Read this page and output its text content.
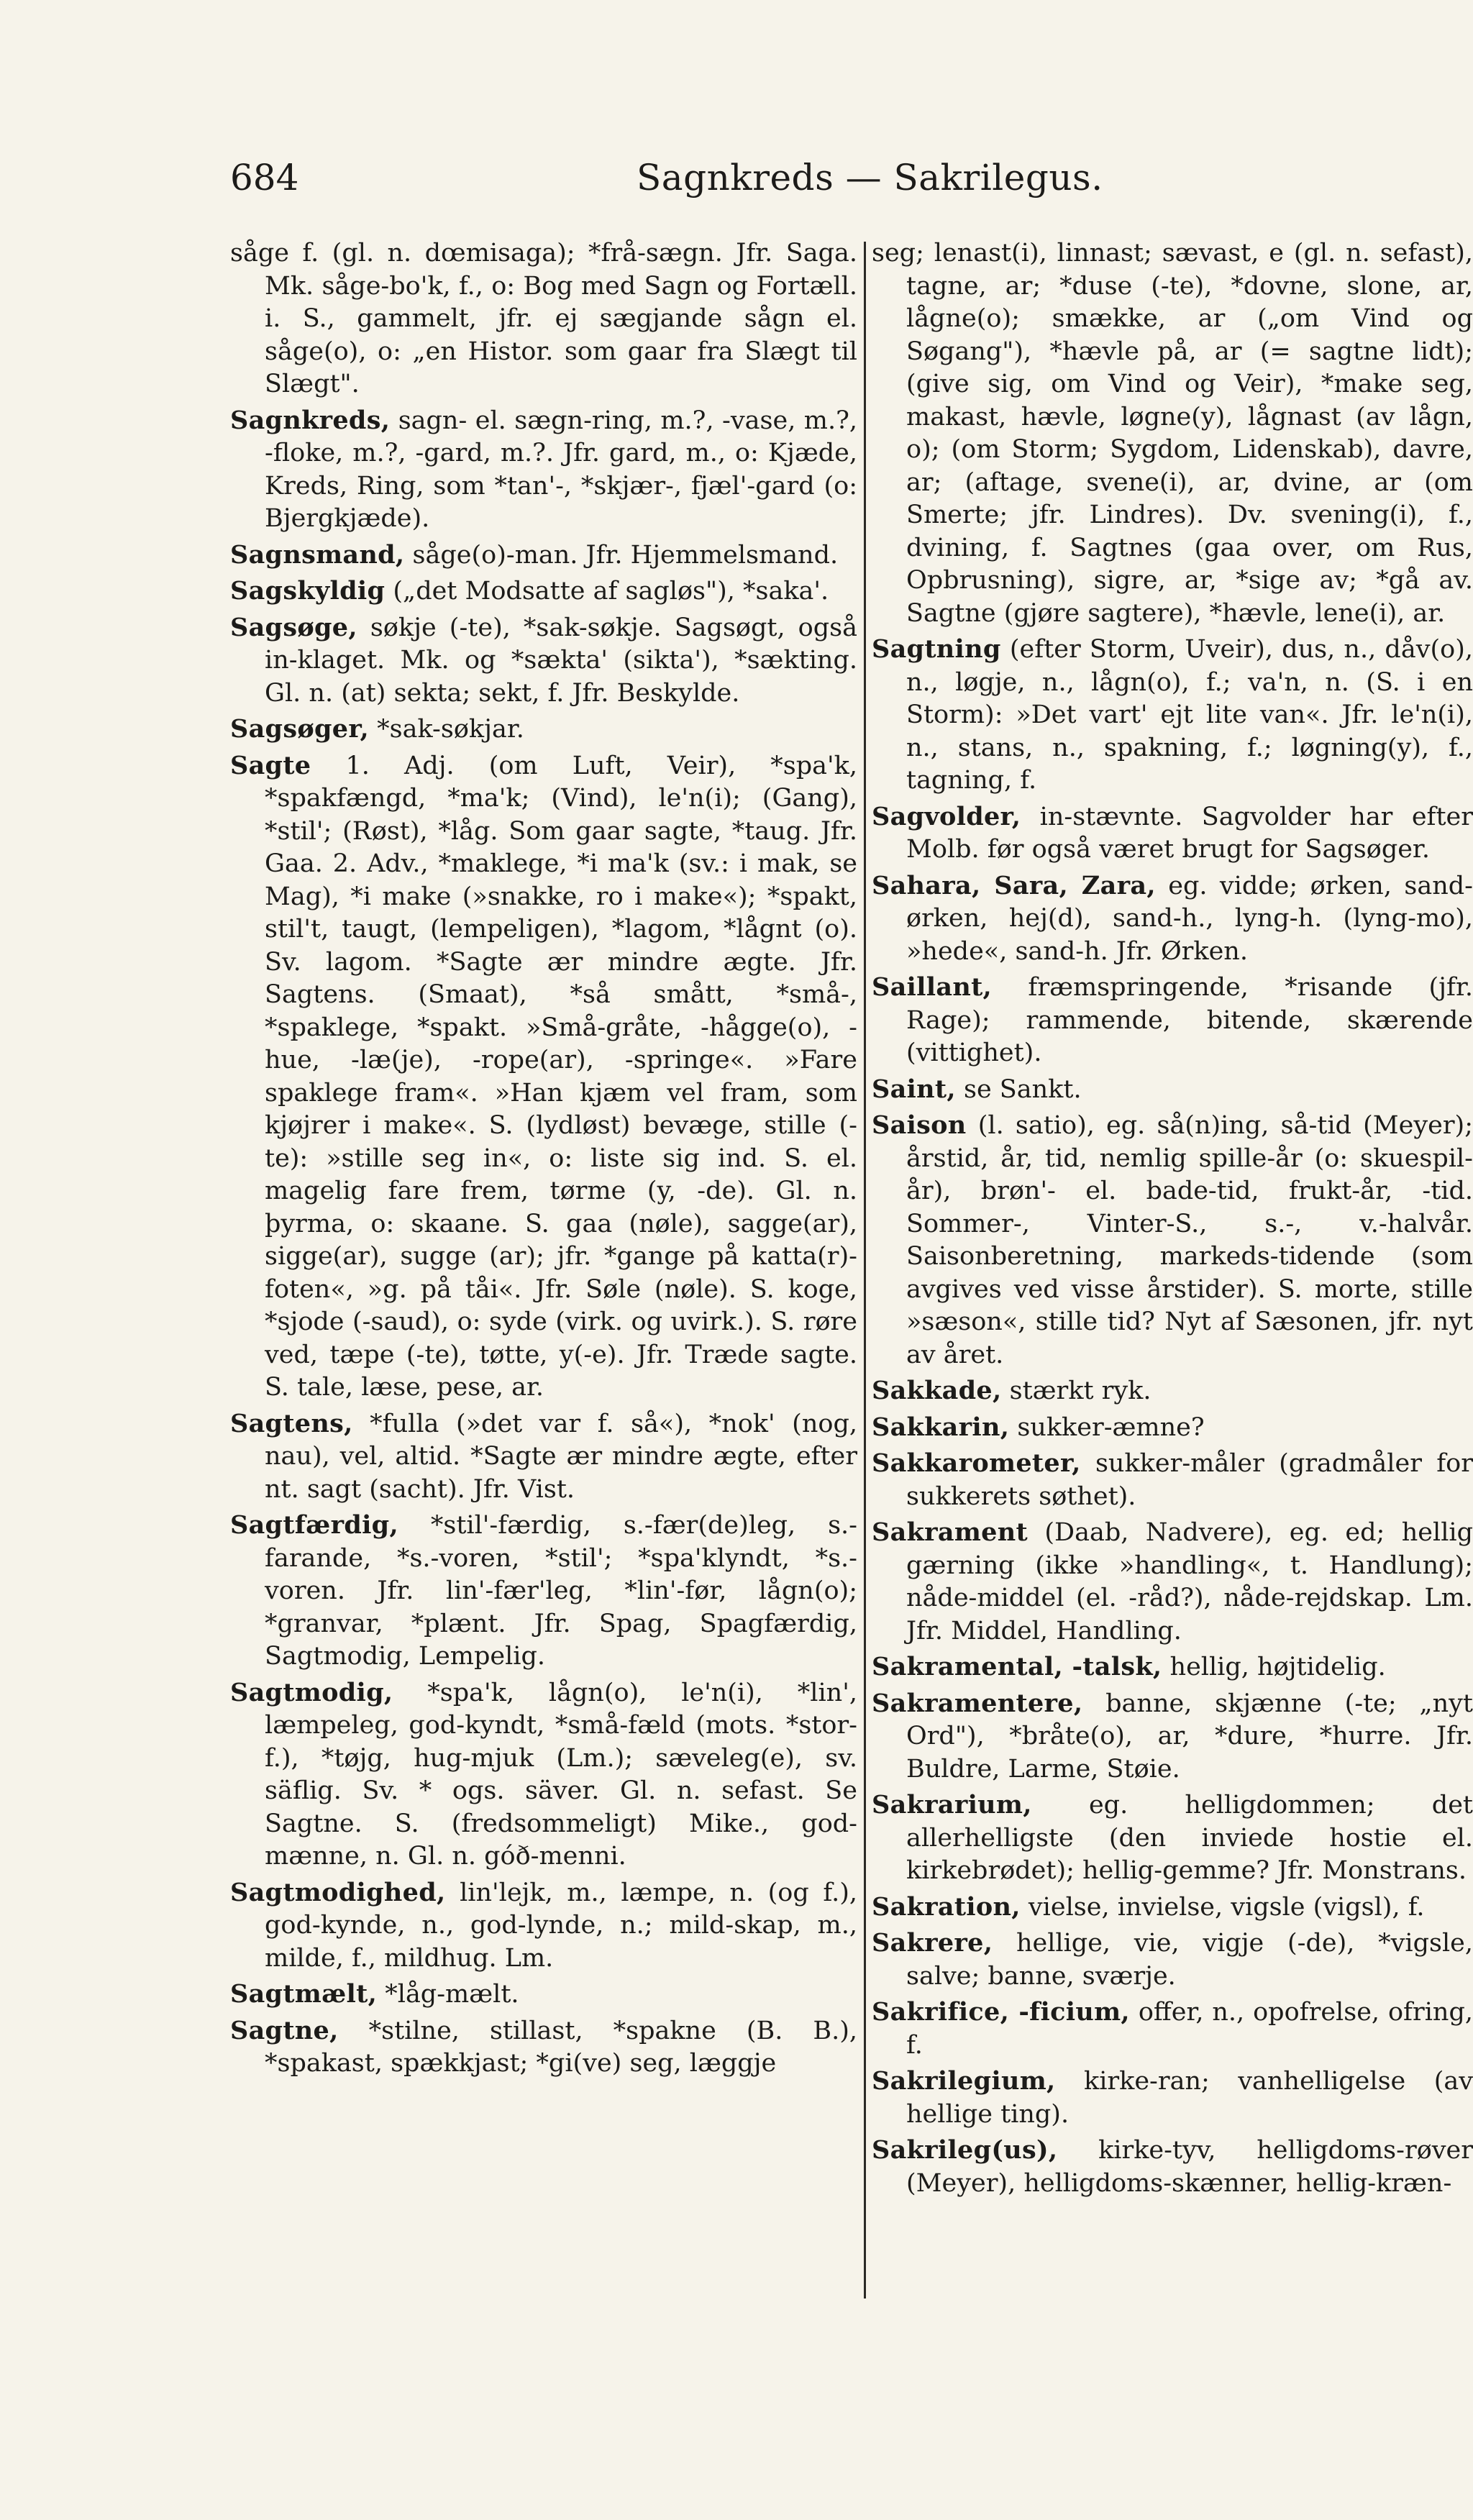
684	Sagnkreds — Sakrilegus.

såge f. (gl. n. dœmisaga); *frå-sægn. Jfr. Saga. Mk. såge-bo'k, f., o: Bog med Sagn og Fortæll. i. S., gammelt, jfr. ej sægjande sågn el. såge(o), o: „en Histor. som gaar fra Slægt til Slægt".

Sagnkreds, sagn- el. sægn-ring, m.?, -vase, m.?, -floke, m.?, -gard, m.?. Jfr. gard, m., o: Kjæde, Kreds, Ring, som *tan'-, *skjær-, fjæl'-gard (o: Bjergkjæde).

Sagnsmand, såge(o)-man. Jfr. Hjemmelsmand.

Sagskyldig („det Modsatte af sagløs"), *saka'.

Sagsøge, søkje (-te), *sak-søkje. Sagsøgt, også in-klaget. Mk. og *sækta' (sikta'), *sækting. Gl. n. (at) sekta; sekt, f. Jfr. Beskylde.

Sagsøger, *sak-søkjar.

Sagte 1. Adj. (om Luft, Veir), *spa'k, *spakfængd, *ma'k; (Vind), le'n(i); (Gang), *stil'; (Røst), *låg. Som gaar sagte, *taug. Jfr. Gaa. 2. Adv., *maklege, *i ma'k (sv.: i mak, se Mag), *i make (»snakke, ro i make«); *spakt, stil't, taugt, (lempeligen), *lagom, *lågnt (o). Sv. lagom. *Sagte ær mindre ægte. Jfr. Sagtens. (Smaat), *så smått, *små-, *spaklege, *spakt. »Små-gråte, -hågge(o), -hue, -læ(je), -rope(ar), -springe«. »Fare spaklege fram«. »Han kjæm vel fram, som kjøjrer i make«. S. (lydløst) bevæge, stille (-te): »stille seg in«, o: liste sig ind. S. el. magelig fare frem, tørme (y, -de). Gl. n. þyrma, o: skaane. S. gaa (nøle), sagge(ar), sigge(ar), sugge (ar); jfr. *gange på katta(r)-foten«, »g. på tåi«. Jfr. Søle (nøle). S. koge, *sjode (-saud), o: syde (virk. og uvirk.). S. røre ved, tæpe (-te), tøtte, y(-e). Jfr. Træde sagte. S. tale, læse, pese, ar.

Sagtens, *fulla (»det var f. så«), *nok' (nog, nau), vel, altid. *Sagte ær mindre ægte, efter nt. sagt (sacht). Jfr. Vist.

Sagtfærdig, *stil'-færdig, s.-fær(de)leg, s.-farande, *s.-voren, *stil'; *spa'klyndt, *s.-voren. Jfr. lin'-fær'leg, *lin'-før, lågn(o); *granvar, *plænt. Jfr. Spag, Spagfærdig, Sagtmodig, Lempelig.

Sagtmodig, *spa'k, lågn(o), le'n(i), *lin', læmpeleg, god-kyndt, *små-fæld (mots. *stor-f.), *tøjg, hug-mjuk (Lm.); sæveleg(e), sv. säflig. Sv. * ogs. säver. Gl. n. sefast. Se Sagtne. S. (fredsommeligt) Mike., god-mænne, n. Gl. n. góð-menni.

Sagtmodighed, lin'lejk, m., læmpe, n. (og f.), god-kynde, n., god-lynde, n.; mild-skap, m., milde, f., mildhug. Lm.

Sagtmælt, *låg-mælt.

Sagtne, *stilne, stillast, *spakne (B. B.), *spakast, spækkjast; *gi(ve) seg, læggje

seg; lenast(i), linnast; sævast, e (gl. n. sefast), tagne, ar; *duse (-te), *dovne, slone, ar, lågne(o); smække, ar („om Vind og Søgang"), *hævle på, ar (= sagtne lidt); (give sig, om Vind og Veir), *make seg, makast, hævle, løgne(y), lågnast (av lågn, o); (om Storm; Sygdom, Lidenskab), davre, ar; (aftage, svene(i), ar, dvine, ar (om Smerte; jfr. Lindres). Dv. svening(i), f., dvining, f. Sagtnes (gaa over, om Rus, Opbrusning), sigre, ar, *sige av; *gå av. Sagtne (gjøre sagtere), *hævle, lene(i), ar.

Sagtning (efter Storm, Uveir), dus, n., dåv(o), n., løgje, n., lågn(o), f.; va'n, n. (S. i en Storm): »Det vart' ejt lite van«. Jfr. le'n(i), n., stans, n., spakning, f.; løgning(y), f., tagning, f.

Sagvolder, in-stævnte. Sagvolder har efter Molb. før også været brugt for Sagsøger.

Sahara, Sara, Zara, eg. vidde; ørken, sand-ørken, hej(d), sand-h., lyng-h. (lyng-mo), »hede«, sand-h. Jfr. Ørken.

Saillant, fræmspringende, *risande (jfr. Rage); rammende, bitende, skærende (vittighet).

Saint, se Sankt.

Saison (l. satio), eg. så(n)ing, så-tid (Meyer); årstid, år, tid, nemlig spille-år (o: skuespil-år), brøn'- el. bade-tid, frukt-år, -tid. Sommer-, Vinter-S., s.-, v.-halvår. Saisonberetning, markeds-tidende (som avgives ved visse årstider). S. morte, stille »sæson«, stille tid? Nyt af Sæsonen, jfr. nyt av året.

Sakkade, stærkt ryk.

Sakkarin, sukker-æmne?

Sakkarometer, sukker-måler (gradmåler for sukkerets søthet).

Sakrament (Daab, Nadvere), eg. ed; hellig gærning (ikke »handling«, t. Handlung); nåde-middel (el. -råd?), nåde-rejdskap. Lm. Jfr. Middel, Handling.

Sakramental, -talsk, hellig, højtidelig.

Sakramentere, banne, skjænne (-te; „nyt Ord"), *bråte(o), ar, *dure, *hurre. Jfr. Buldre, Larme, Støie.

Sakrarium, eg. helligdommen; det allerhelligste (den inviede hostie el. kirkebrødet); hellig-gemme? Jfr. Monstrans.

Sakration, vielse, invielse, vigsle (vigsl), f.

Sakrere, hellige, vie, vigje (-de), *vigsle, salve; banne, sværje.

Sakrifice, -ficium, offer, n., opofrelse, ofring, f.

Sakrilegium, kirke-ran; vanhelligelse (av hellige ting).

Sakrileg(us), kirke-tyv, helligdoms-røver (Meyer), helligdoms-skænner, hellig-kræn-
